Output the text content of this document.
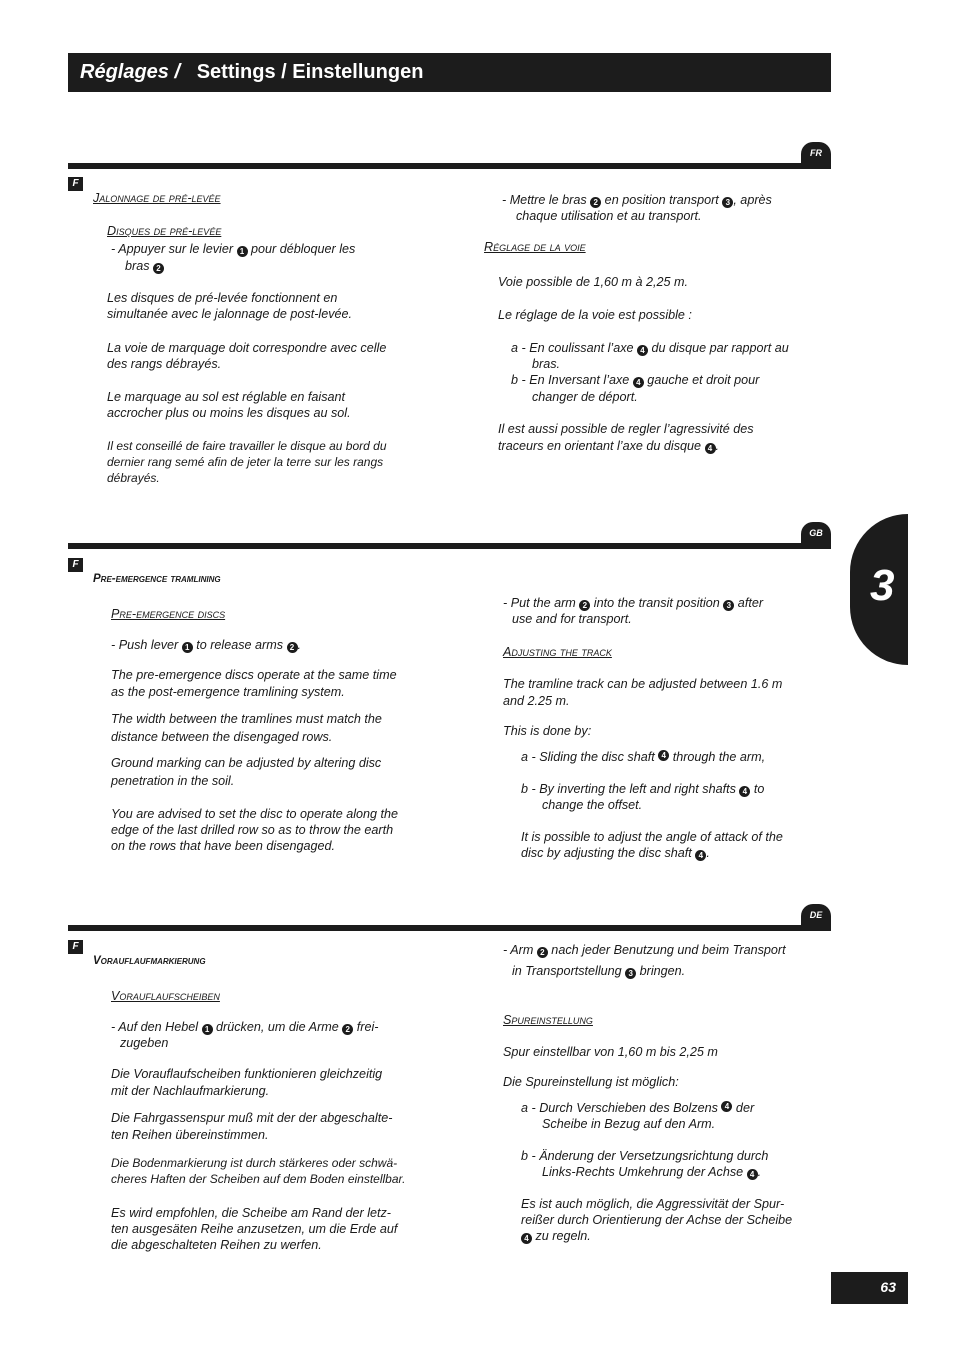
Réglages / Settings / Einstellungen
FR
F

Jalonnage de pré-levée

Disques de pré-levée

- Appuyer sur le levier 1 pour débloquer les

bras 2

Les disques de pré-levée fonctionnent en

simultanée avec le jalonnage de post-levée.

La voie de marquage doit correspondre avec celle

des rangs débrayés.

Le marquage au sol est réglable en faisant

accrocher plus ou moins les disques au sol.

Il est conseillé de faire travailler le disque au bord du

dernier rang semé afin de jeter la terre sur les rangs

débrayés.

- Mettre le bras 2 en position transport 3 , après

chaque utilisation et au transport.

Réglage de la voie

Voie possible de 1,60 m à 2,25 m.

Le réglage de la voie est possible :

a - En coulissant l’axe 4 du disque par rapport au

bras.

b - En Inversant l’axe 4 gauche et droit pour

changer de déport.

Il est aussi possible de regler l’agressivité des

traceurs en orientant l’axe du disque 4 .

GB
F

Pre-emergence tramlining

Pre-emergence discs

- Push lever 1 to release arms 2 .

The pre-emergence discs operate at the same time

as the post-emergence tramlining system.

The width between the tramlines must match the

distance between the disengaged rows.

Ground marking can be adjusted by altering disc

penetration in the soil.

You are advised to set the disc to operate along the

edge of the last drilled row so as to throw the earth

on the rows that have been disengaged.

- Put the arm 2 into the transit position 3 after

use and for transport.

Adjusting the track

The tramline track can be adjusted between 1.6 m

and 2.25 m.

This is done by:

a - Sliding the disc shaft 4 through the arm,

b - By inverting the left and right shafts 4 to

change the offset.

It is possible to adjust the angle of attack of the

disc by adjusting the disc shaft 4 .

3
DE
F

Vorauflaufmarkierung

Vorauflaufscheiben

- Auf den Hebel 1 drücken, um die Arme 2 frei-

zugeben

Die Vorauflaufscheiben funktionieren gleichzeitig

mit der Nachlaufmarkierung.

Die Fahrgassenspur muß mit der der abgeschalte-

ten Reihen übereinstimmen.

Die Bodenmarkierung ist durch stärkeres oder schwä-

cheres Haften der Scheiben auf dem Boden einstellbar.

Es wird empfohlen, die Scheibe am Rand der letz-

ten ausgesäten Reihe anzusetzen, um die Erde auf

die abgeschalteten Reihen zu werfen.

- Arm 2 nach jeder Benutzung und beim Transport

in Transportstellung 3 bringen.

Spureinstellung

Spur einstellbar von 1,60 m bis 2,25 m

Die Spureinstellung ist möglich:

a - Durch Verschieben des Bolzens 4 der

Scheibe in Bezug auf den Arm.

b - Änderung der Versetzungsrichtung durch

Links-Rechts Umkehrung der Achse 4 .

Es ist auch möglich, die Aggressivität der Spur-

reißer durch Orientierung der Achse der Scheibe

4 zu regeln.

63
